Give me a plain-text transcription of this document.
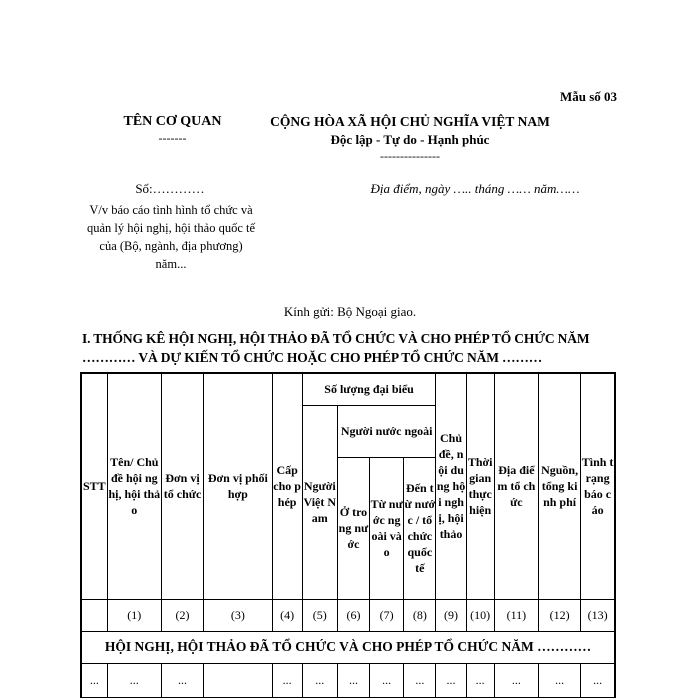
Mẫu số 03
TÊN CƠ QUAN
-------
CỘNG HÒA XÃ HỘI CHỦ NGHĨA VIỆT NAM
Độc lập - Tự do - Hạnh phúc
---------------
Số:…………
V/v báo cáo tình hình tổ chức và quản lý hội nghị, hội thảo quốc tế của (Bộ, ngành, địa phương) năm...
Địa điểm, ngày ….. tháng …… năm……
Kính gửi: Bộ Ngoại giao.
I. THỐNG KÊ HỘI NGHỊ, HỘI THẢO ĐÃ TỔ CHỨC VÀ CHO PHÉP TỔ CHỨC NĂM ………… VÀ DỰ KIẾN TỔ CHỨC HOẶC CHO PHÉP TỔ CHỨC NĂM ………
STT	Tên/ Chủ đề hội nghị, hội thảo	Đơn vị tổ chức	Đơn vị phối hợp	Cấp cho phép	Số lượng đại biểu				Chủ đề, nội dung hội nghị, hội thảo	Thời gian thực hiện	Địa điểm tổ chức	Nguồn, tổng kinh phí	Tình trạng báo cáo
					Người Việt Nam	Người nước ngoài							
						Ở trong nước	Từ nước ngoài vào	Đến từ nước / tổ chức quốc tế					
	(1)	(2)	(3)	(4)	(5)	(6)	(7)	(8)	(9)	(10)	(11)	(12)	(13)
HỘI NGHỊ, HỘI THẢO ĐÃ TỔ CHỨC VÀ CHO PHÉP TỔ CHỨC NĂM …………													
...	...	...		...	...	...	...	...	...	...	...	...	...
